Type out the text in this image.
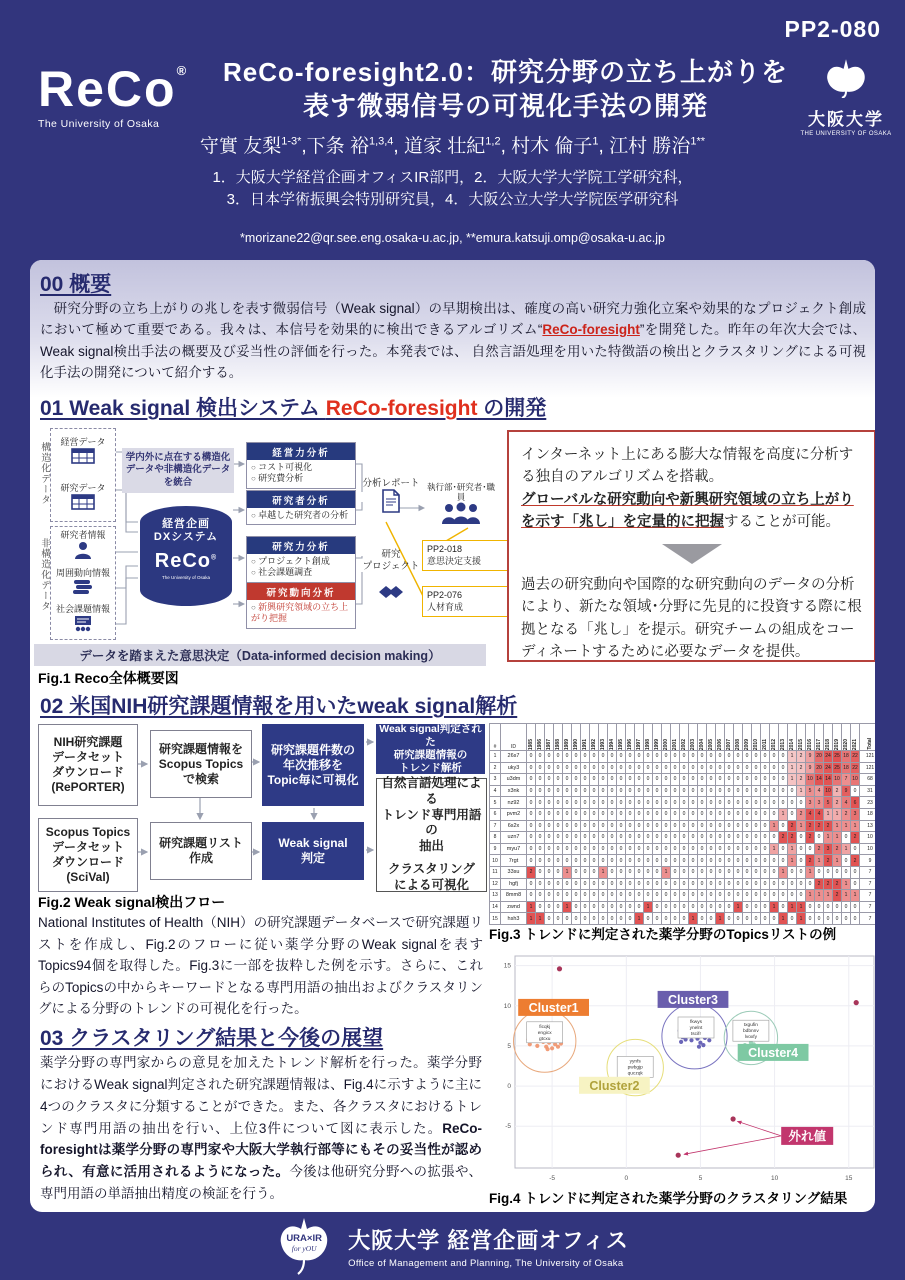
PP2-080
ReCo®
The University of Osaka
ReCo-foresight2.0：研究分野の立ち上がりを
表す微弱信号の可視化手法の開発	大阪大学
THE UNIVERSITY OF OSAKA
守實 友梨$^{1-3*}$,下条 裕$^{1,3,4}$, 道家 壮紀$^{1,2}$, 村木 倫子$^1$, 江村 勝治$^{1**}$
1．大阪大学経営企画オフィスIR部門，2．大阪大学大学院工学研究科，
3．日本学術振興会特別研究員，4．大阪公立大学大学院医学研究科
*morizane22@qr.see.eng.osaka-u.ac.jp, **emura.katsuji.omp@osaka-u.ac.jp
00 概要
　研究分野の立ち上がりの兆しを表す微弱信号（Weak signal）の早期検出は、確度の高い研究力強化立案や効果的なプロジェクト創成において極めて重要である。我々は、本信号を効果的に検出できるアルゴリズム“ReCo-foresight”を開発した。昨年の年次大会では、Weak signal検出手法の概要及び妥当性の評価を行った。本発表では、 自然言語処理を用いた特徴語の検出とクラスタリングによる可視化手法の開発について紹介する。
01 Weak signal 検出システム ReCo-foresight の開発
構造化データ
非構造化データ
経営データ

研究データ

研究者情報

周囲動向情報

社会課題情報

学内外に点在する構造化データや非構造化データを統合
経営企画
DXシステム
ReCo®
The University of Osaka
経営力分析
○ コスト可視化
○ 研究費分析
研究者分析
○ 卓越した研究者の分析
研究力分析
○ プロジェクト創成
○ 社会課題調査
研究動向分析
○ 新興研究領域の立ち上がり把握
分析レポート

研究
プロジェクト

執行部･研究者･職員

PP2-018
意思決定支援
PP2-076
人材育成
データを踏まえた意思決定（Data-informed decision making）
Fig.1 Reco全体概要図
インターネット上にある膨大な情報を高度に分析する独自のアルゴリズムを搭載。
グローバルな研究動向や新興研究領域の立ち上がりを示す「兆し」を定量的に把握することが可能。
過去の研究動向や国際的な研究動向のデータの分析により、新たな領域･分野に先見的に投資する際に根拠となる「兆し」を提示。研究チームの組成をコーディネートするために必要なデータを提供。
02 米国NIH研究課題情報を用いたweak signal解析
NIH研究課題
データセット
ダウンロード
(RePORTER)
Scopus Topics
データセット
ダウンロード
(SciVal)
研究課題情報を
Scopus Topics
で検索
研究課題リスト
作成
研究課題件数の
年次推移を
Topic毎に可視化
Weak signal
判定
Weak signal判定された
研究課題情報の
トレンド解析
自然言語処理による
トレンド専門用語の
抽出
クラスタリング
による可視化
Fig.2 Weak signal検出フロー
National Institutes of Health（NIH）の研究課題データベースで研究課題リストを作成し、Fig.2のフローに従い薬学分野のWeak signalを表すTopics94個を取得した。Fig.3に一部を抜粋した例を示す。さらに、これらのTopicsの中からキーワードとなる専門用語の抽出およびクラスタリングによる分野のトレンドの可視化を行った。
#	ID	1985	1986	1987	1988	1989	1990	1991	1992	1993	1994	1995	1996	1997	1998	1999	2000	2001	2002	2003	2004	2005	2006	2007	2008	2009	2010	2011	2012	2013	2014	2015	2016	2017	2018	2019	2020	2021	Total

1	26s7	0	0	0	0	0	0	0	0	0	0	0	0	0	0	0	0	0	0	0	0	0	0	0	0	0	0	0	0	0	1	2	9	20	24	25	18	22	121
2	uky3	0	0	0	0	0	0	0	0	0	0	0	0	0	0	0	0	0	0	0	0	0	0	0	0	0	0	0	0	0	1	2	9	20	24	25	18	22	121
3	u3dm	0	0	0	0	0	0	0	0	0	0	0	0	0	0	0	0	0	0	0	0	0	0	0	0	0	0	0	0	0	1	2	10	14	14	10	7	10	68
4	x3nk	0	0	0	0	0	0	0	0	0	0	0	0	0	0	0	0	0	0	0	0	0	0	0	0	0	0	0	0	0	0	1	5	4	10	2	9	0	31
5	nz92	0	0	0	0	0	0	0	0	0	0	0	0	0	0	0	0	0	0	0	0	0	0	0	0	0	0	0	0	0	0	0	3	3	5	2	4	6	23
6	pvm2	0	0	0	0	0	0	0	0	0	0	0	0	0	0	0	0	0	0	0	0	0	0	0	0	0	0	0	0	1	0	2	4	4	1	1	2	3	18
7	6s2x	0	0	0	0	0	0	0	0	0	0	0	0	0	0	0	0	0	0	0	0	0	0	0	0	0	0	0	1	0	2	1	2	2	2	1	1	1	13
8	uzn7	0	0	0	0	0	0	0	0	0	0	0	0	0	0	0	0	0	0	0	0	0	0	0	0	0	0	0	0	2	2	0	2	0	1	1	0	2	10
9	myu7	0	0	0	0	0	0	0	0	0	0	0	0	0	0	0	0	0	0	0	0	0	0	0	0	0	0	0	1	0	1	0	0	2	3	2	1	0	10
10	7rgt	0	0	0	0	0	0	0	0	0	0	0	0	0	0	0	0	0	0	0	0	0	0	0	0	0	0	0	0	0	1	0	2	1	2	1	0	2	9
11	33su	2	0	0	0	1	0	0	0	1	0	0	0	0	0	0	1	0	0	0	0	0	0	0	0	0	0	0	0	1	0	0	1	0	0	0	0	0	7
12	hgfj	0	0	0	0	0	0	0	0	0	0	0	0	0	0	0	0	0	0	0	0	0	0	0	0	0	0	0	0	0	0	0	0	2	2	2	1	0	7
13	8mm8	0	0	0	0	0	0	0	0	0	0	0	0	0	0	0	0	0	0	0	0	0	0	0	0	0	0	0	0	0	0	0	1	1	1	2	1	1	7
14	zwnd	1	0	0	0	1	0	0	0	0	0	0	0	0	1	0	0	0	0	0	0	0	0	0	1	0	0	0	1	0	1	1	0	0	0	0	0	0	7
15	hsh3	1	1	0	0	0	0	0	0	0	0	0	0	1	0	0	0	0	0	1	0	0	1	0	0	0	0	0	0	1	0	1	0	0	0	0	0	0	7
Fig.3 トレンドに判定された薬学分野のTopicsリストの例
03 クラスタリング結果と今後の展望
薬学分野の専門家からの意見を加えたトレンド解析を行った。薬学分野におけるWeak signal判定された研究課題情報は、Fig.4に示すように主に4つのクラスタに分類することができた。また、各クラスタにおけるトレンド専門用語の抽出を行い、上位3件について図に表示した。ReCo-foresightは薬学分野の専門家や大阪大学執行部等にもその妥当性が認められ、有意に活用されるようになった。今後は他研究分野への拡張や、専門用語の単語抽出精度の検証を行う。
-5	0	5	10	15
-5
0
5
10
15
ficqkj
engicx
gtcxu
yynfs
pwbgjp
quczqk
fkwys
ynelnt
tscifr
txgufin
bdbnnv
lvoxfy
Cluster1
Cluster2
Cluster3
Cluster4
外れ値
Fig.4 トレンドに判定された薬学分野のクラスタリング結果
URA×IR
for yOU	大阪大学 経営企画オフィス
Office of Management and Planning, The University of Osaka
